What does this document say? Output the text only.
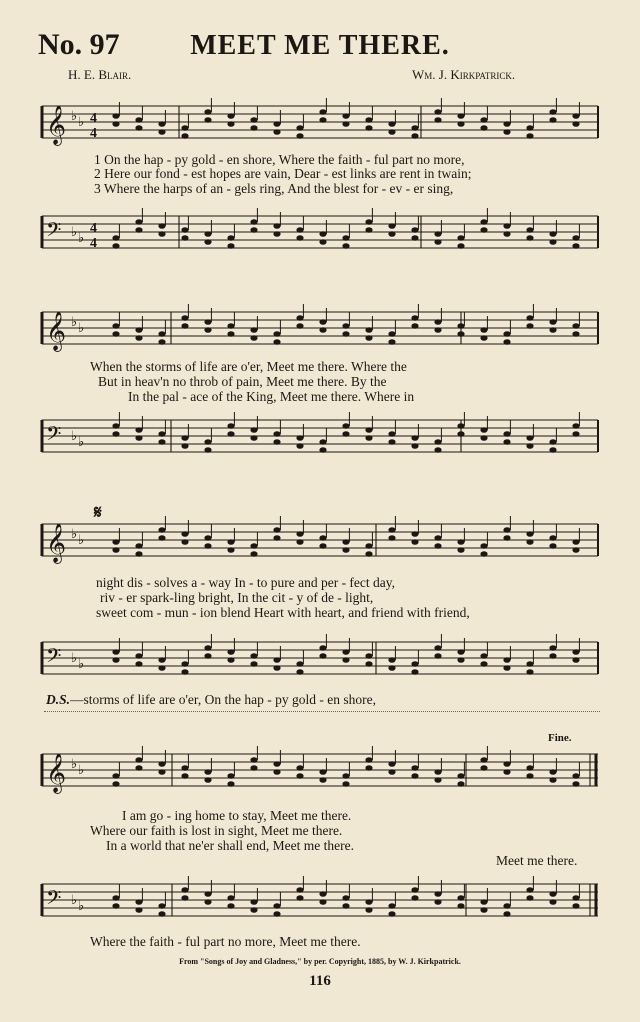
No. 97	MEET ME THERE.
H. E. Blair.	Wm. J. Kirkpatrick.
𝄞 ♭ ♭ 4
4
1 On the hap - py gold - en shore, Where the faith - ful part no more,
2 Here our fond - est hopes are vain, Dear - est links are rent in twain;
3 Where the harps of an - gels ring, And the blest for - ev - er sing,
𝄢 ♭ ♭
4
4
𝄞 ♭ ♭
When the storms of life are o'er, Meet me there. Where the
But in heav'n no throb of pain, Meet me there. By the
In the pal - ace of the King, Meet me there. Where in
𝄢 ♭ ♭
𝄋
𝄞 ♭ ♭
night dis - solves a - way In - to pure and per - fect day,
riv - er spark-ling bright, In the cit - y of de - light,
sweet com - mun - ion blend Heart with heart, and friend with friend,
𝄢 ♭ ♭
D.S.—storms of life are o'er, On the hap - py gold - en shore,
Fine.
𝄞 ♭ ♭
I am go - ing home to stay, Meet me there.
Where our faith is lost in sight, Meet me there.
In a world that ne'er shall end, Meet me there.
Meet me there.
𝄢 ♭ ♭
Where the faith - ful part no more, Meet me there.
From "Songs of Joy and Gladness," by per. Copyright, 1885, by W. J. Kirkpatrick.
116
